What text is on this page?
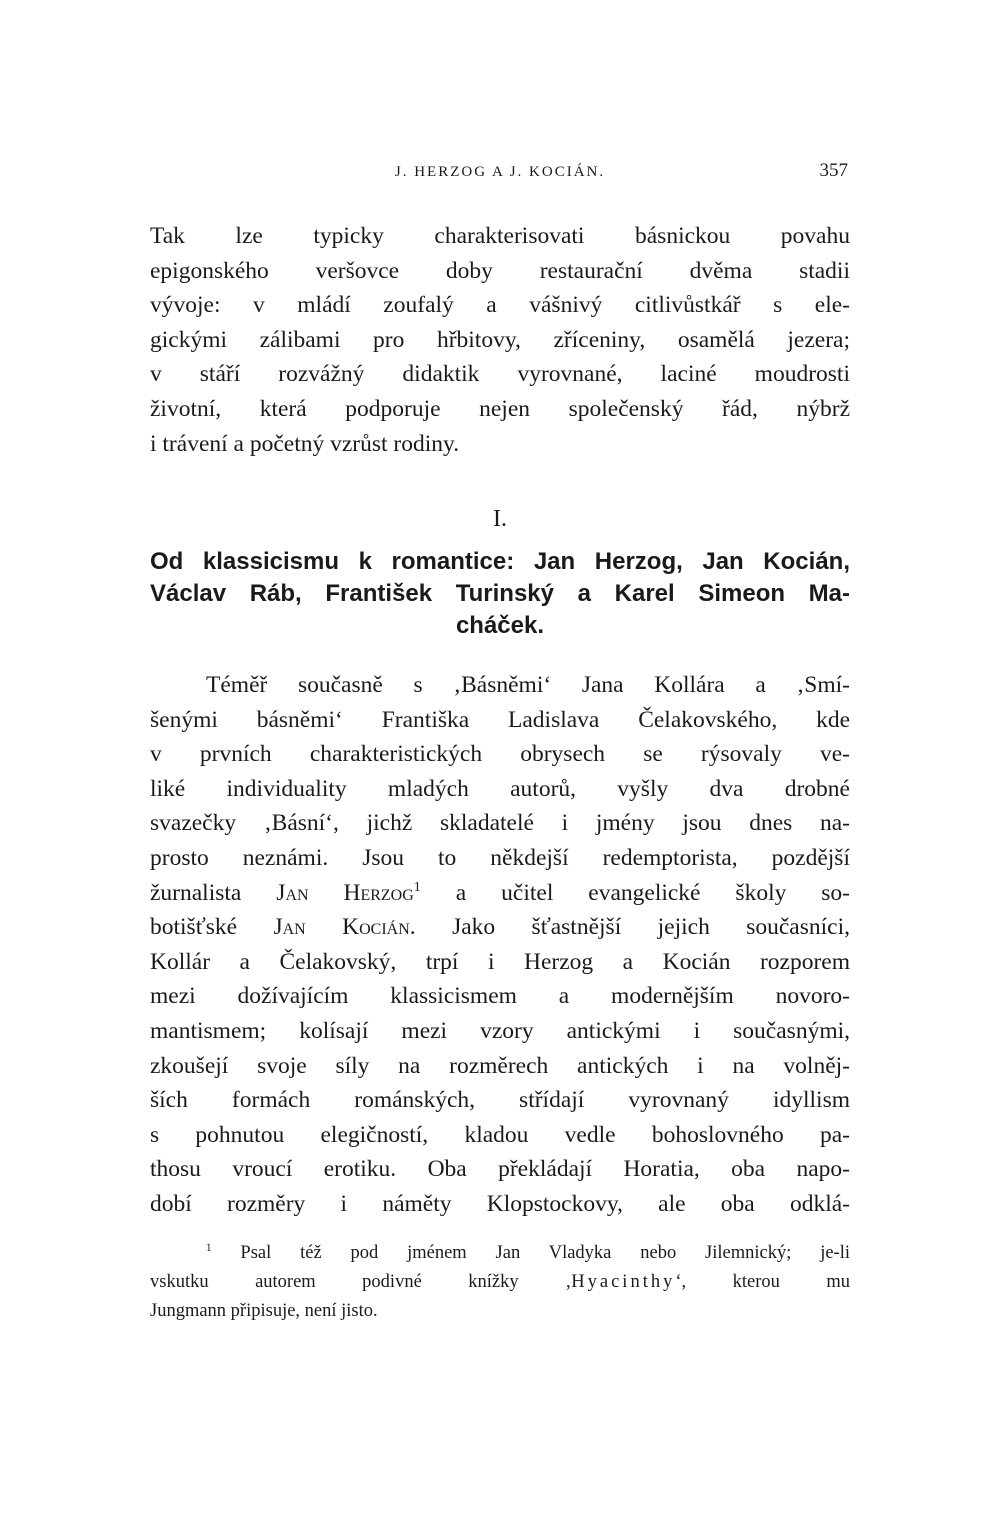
J. HERZOG A J. KOCIÁN.	357

Tak lze typicky charakterisovati básnickou povahu

epigonského veršovce doby restaurační dvěma stadii

vývoje: v mládí zoufalý a vášnivý citlivůstkář s ele-

gickými zálibami pro hřbitovy, zříceniny, osamělá jezera;

v stáří rozvážný didaktik vyrovnané, laciné moudrosti

životní, která podporuje nejen společenský řád, nýbrž

i trávení a početný vzrůst rodiny.

I.
Od klassicismu k romantice: Jan Herzog, Jan Kocián,
Václav Ráb, František Turinský a Karel Simeon Ma-
cháček.

Téměř současně s ‚Básněmi‘ Jana Kollára a ‚Smí-

šenými básněmi‘ Františka Ladislava Čelakovského, kde

v prvních charakteristických obrysech se rýsovaly ve-

liké individuality mladých autorů, vyšly dva drobné

svazečky ‚Básní‘, jichž skladatelé i jmény jsou dnes na-

prosto neznámi. Jsou to někdejší redemptorista, pozdější

žurnalista Jan Herzog$^1$ a učitel evangelické školy so-

botišťské Jan Kocián. Jako šťastnější jejich současníci,

Kollár a Čelakovský, trpí i Herzog a Kocián rozporem

mezi dožívajícím klassicismem a modernějším novoro-

mantismem; kolísají mezi vzory antickými i současnými,

zkoušejí svoje síly na rozměrech antických i na volněj-

ších formách románských, střídají vyrovnaný idyllism

s pohnutou elegičností, kladou vedle bohoslovného pa-

thosu vroucí erotiku. Oba překládají Horatia, oba napo-

dobí rozměry i náměty Klopstockovy, ale oba odklá-

$^1$ Psal též pod jménem Jan Vladyka nebo Jilemnický; je-li
vskutku autorem podivné knížky ‚Hyacinthy‘, kterou mu
Jungmann připisuje, není jisto.
